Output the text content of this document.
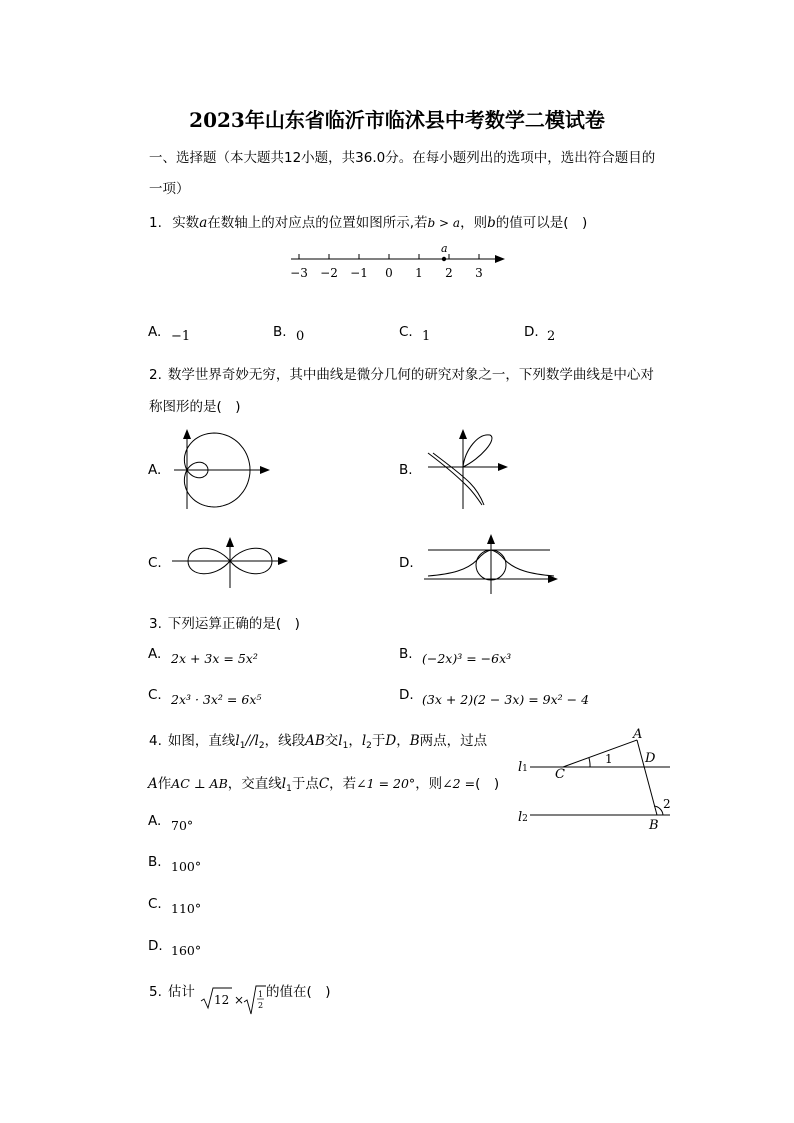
2023年山东省临沂市临沭县中考数学二模试卷
一、选择题（本大题共12小题，共36.0分。在每小题列出的选项中，选出符合题目的
一项）
1. 实数a在数轴上的对应点的位置如图所示,若b > a，则b的值可以是(　)
−3 −2 −1 0 1 2 3
a
A. −1	B. 0	C. 1	D. 2
2. 数学世界奇妙无穷，其中曲线是微分几何的研究对象之一，下列数学曲线是中心对
称图形的是(　)
A.	B.
C.	D.
3. 下列运算正确的是(　)
A. 2x + 3x = 5x²	B. (−2x)³ = −6x³
C. 2x³ · 3x² = 6x⁵	D. (3x + 2)(2 − 3x) = 9x² − 4
4. 如图，直线$l_1//l_2$，线段AB交$l_1$，$l_2$于D，B两点，过点
A作AC ⊥ AB，交直线$l_1$于点C，若∠1 = 20°，则∠2 =(　)
A
D
C
1
2
B
l1
l2
A. 70°
B. 100°
C. 110°
D. 160°
5. 估计 12 × 1
2
的值在(　)
